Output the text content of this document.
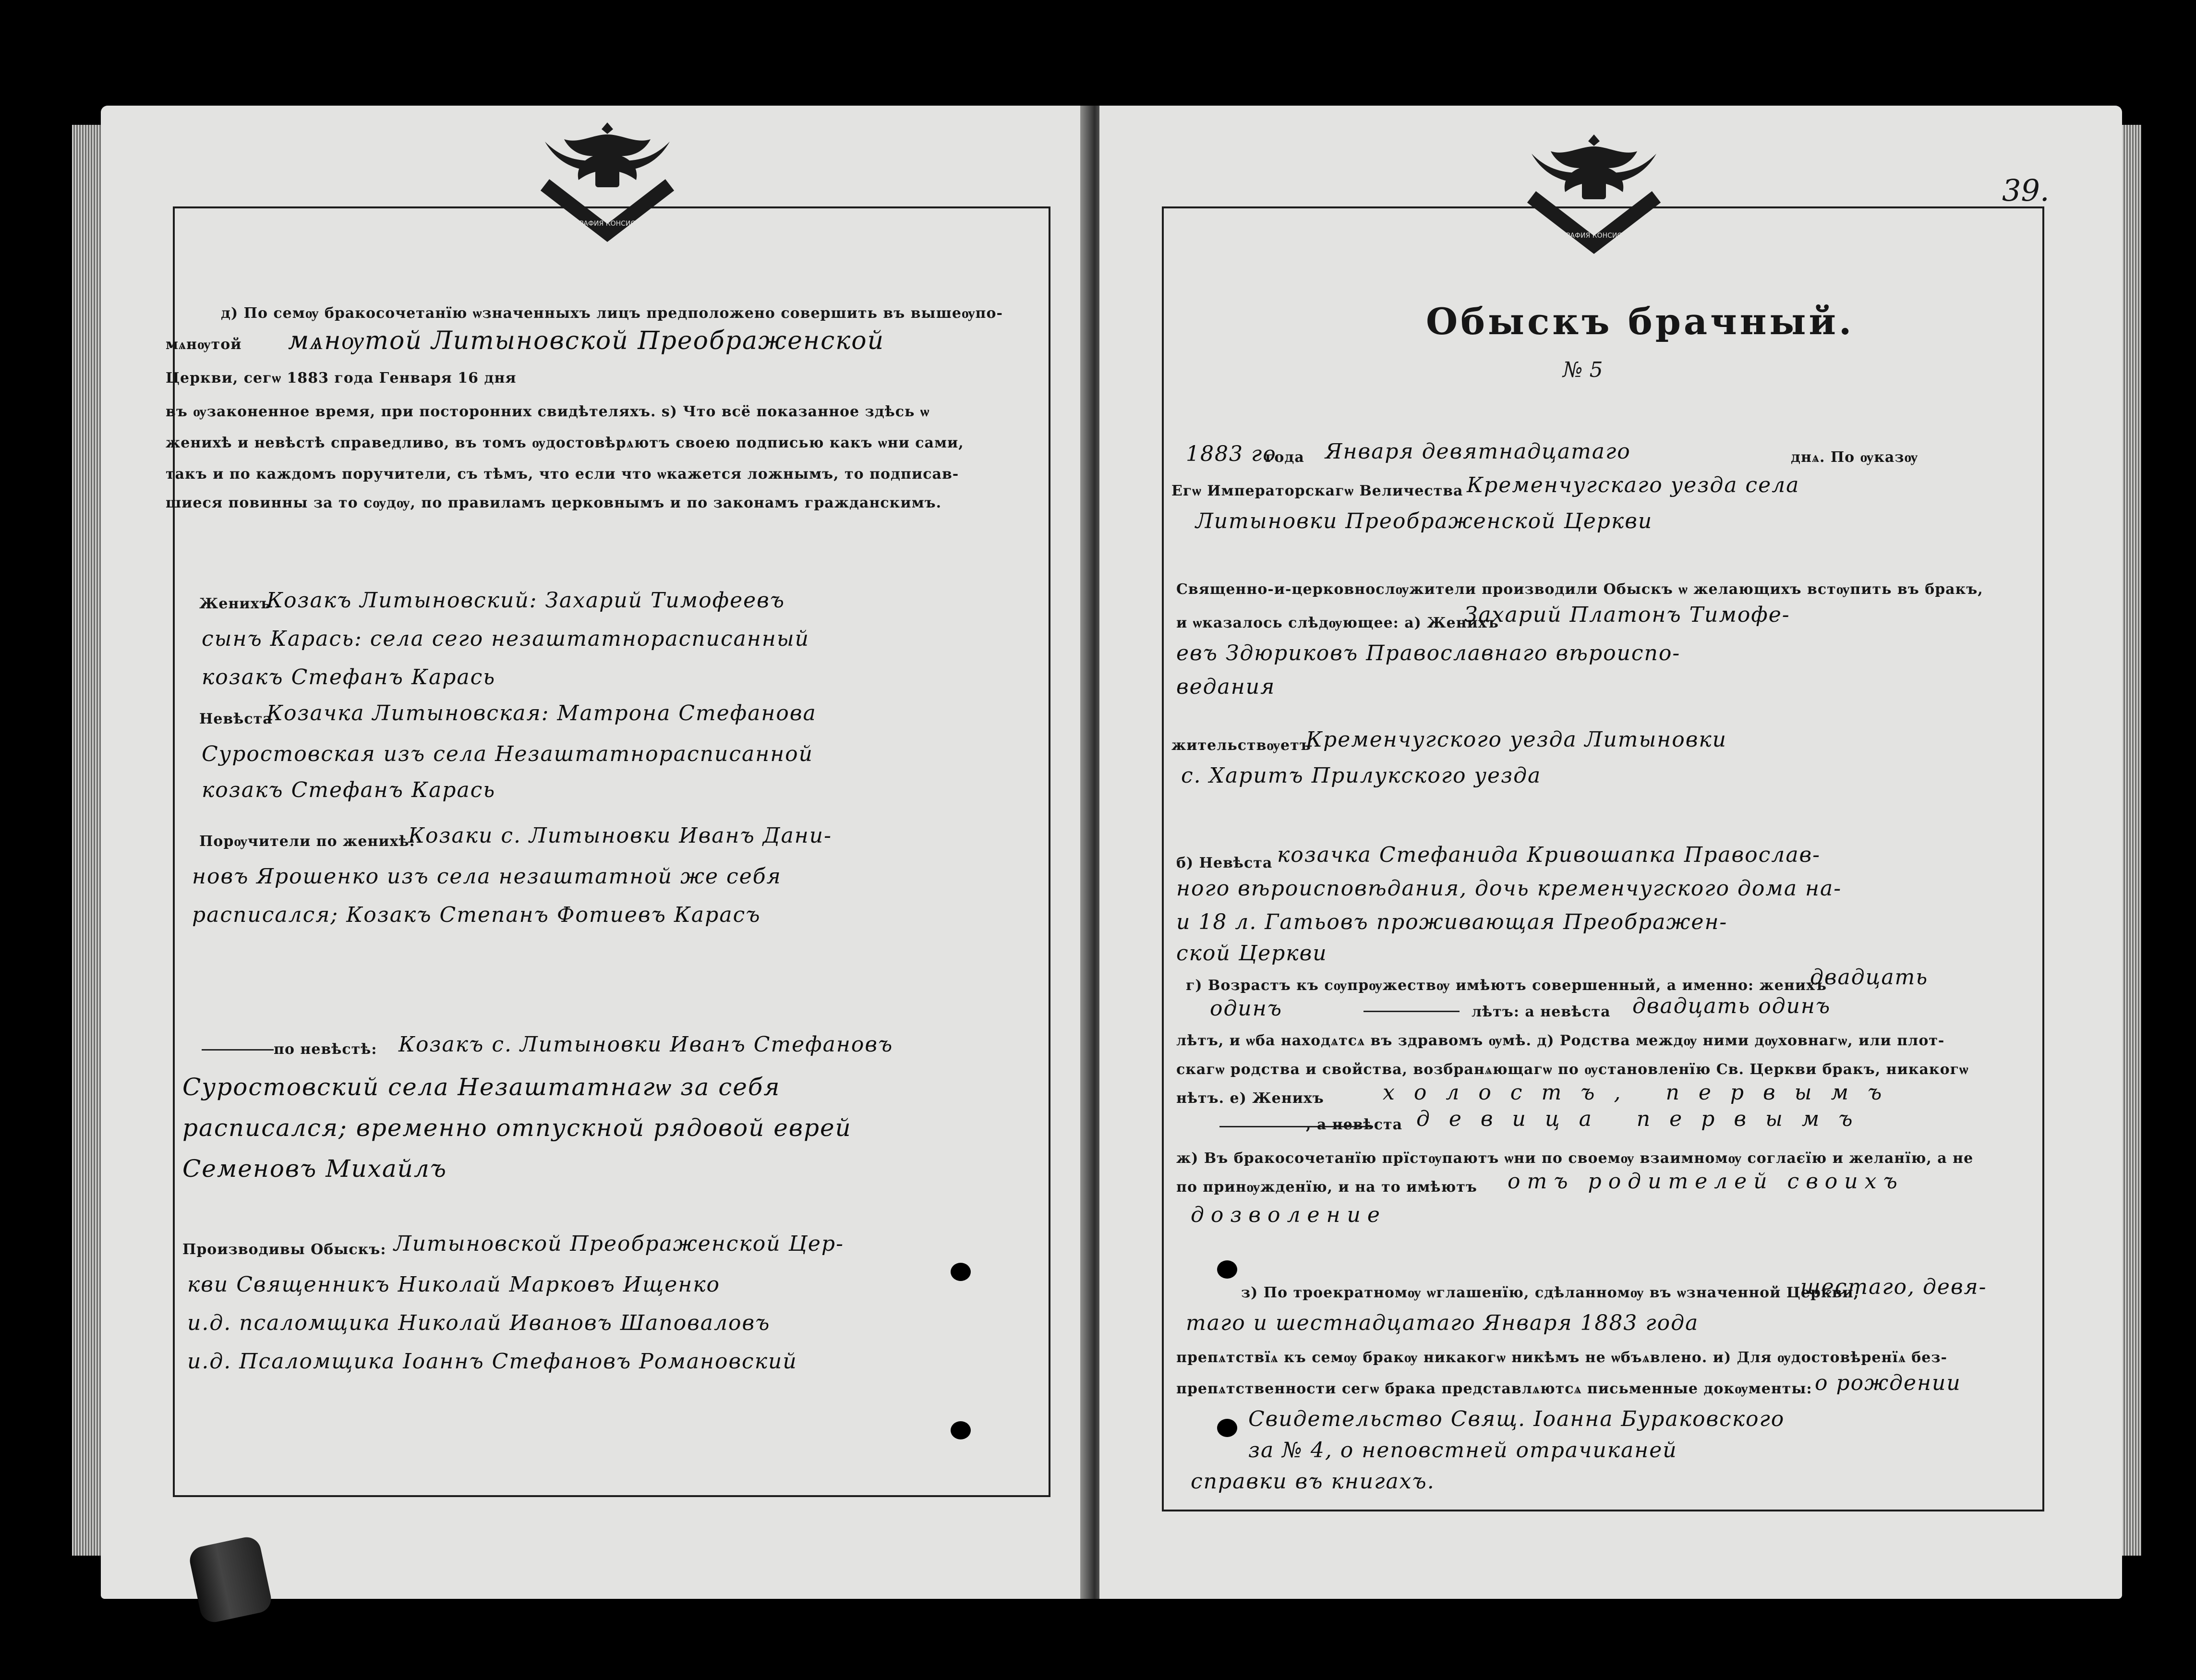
ЛИТОГРАФИЯ КОНСИСТОРИИ
д) По семѹ бракосочетанїю ѡзначенныхъ лицъ предположено совершить въ вышеѹпо-
мѧнѹтой	мѧнѹтой Литыновской Преображенской
Церкви, сегѡ 1883 года Генваря 16 дня
въ ѹзаконенное время, при посторонних свидѣтеляхъ. ѕ) Что всё показанное здѣсь ѡ
женихѣ и невѣстѣ справедливо, въ томъ ѹдостовѣрѧютъ своею подписью какъ ѡни сами,
такъ и по каждомъ поручители, съ тѣмъ, что если что ѡкажется ложнымъ, то подписав-
шиеся повинны за то сѹдѹ, по правиламъ церковнымъ и по законамъ гражданскимъ.
Женихъ
Козакъ Литыновский: Захарий Тимофеевъ
сынъ Карась: села сего незаштатнорасписанный
козакъ Стефанъ Карась
Невѣста
Козачка Литыновская: Матрона Стефанова
Суростовская изъ села Незаштатнорасписанной
козакъ Стефанъ Карась
Порѹчители по женихѣ:
Козаки с. Литыновки Иванъ Дани-
новъ Ярошенко изъ села незаштатной же себя
расписался; Козакъ Степанъ Фотиевъ Карасъ
по невѣстѣ: Козакъ с. Литыновки Иванъ Стефановъ
Суростовский села Незаштатнагѡ за себя
расписался; временно отпускной рядовой еврей
Семеновъ Михайлъ
Производивы Обыскъ: Литыновской Преображенской Цер-
кви Священникъ Николай Марковъ Ищенко
и.д. псаломщика Николай Ивановъ Шаповаловъ
и.д. Псаломщика Іоаннъ Стефановъ Романовский
39.
ЛИТОГРАФИЯ КОНСИСТОРИИ
Обыскъ брачный.
№ 5
1883 го
года Января девятнадцатаго	днѧ. По ѹказѹ
Егѡ Императорскагѡ Величества Кременчугскаго уезда села
Литыновки Преображенской Церкви
Священно-и-церковнослѹжители производили Обыскъ ѡ желающихъ встѹпить въ бракъ,
и ѡказалось слѣдѹющее: а) Женихъ
Захарий Платонъ Тимофе-
евъ Здюриковъ Православнаго вѣроиспо-
ведания
жительствѹетъ
Кременчугского уезда Литыновки
с. Харитъ Прилукского уезда
б) Невѣста козачка Стефанида Кривошапка Православ-
ного вѣроисповѣдания, дочь кременчугского дома на-
и 18 л. Гатьовъ проживающая Преображен-
ской Церкви
г) Возрастъ къ сѹпрѹжествѹ имѣютъ совершенный, а именно: женихъ
двадцать
одинъ	лѣтъ: а невѣста двадцать одинъ
лѣтъ, и ѡба находѧтсѧ въ здравомъ ѹмѣ. д) Родства междѹ ними дѹховнагѡ, или плот-
скагѡ родства и свойства, возбранѧющагѡ по ѹстановленїю Св. Церкви бракъ, никакогѡ
нѣтъ. е) Женихъ	холостъ, первымъ
, а невѣста девица первымъ
ж) Въ бракосочетанїю прїстѹпаютъ ѡни по своемѹ взаимномѹ соглаєїю и желанїю, а не
по принѹжденїю, и на то имѣютъ отъ родителей своихъ
дозволение
з) По троекратномѹ ѡглашенїю, сдѣланномѹ въ ѡзначенной Церкви,
шестаго, девя-
таго и шестнадцатаго Января 1883 года
препѧтствїѧ къ семѹ бракѹ никакогѡ никѣмъ не ѡбъѧвлено. и) Для ѹдостовѣренїѧ без-
препѧтственности сегѡ брака представлѧютсѧ письменные докѹменты: о рождении
Свидетельство Свящ. Іоанна Бураковского
за № 4, о неповстней отрачиканей
справки въ книгахъ.
